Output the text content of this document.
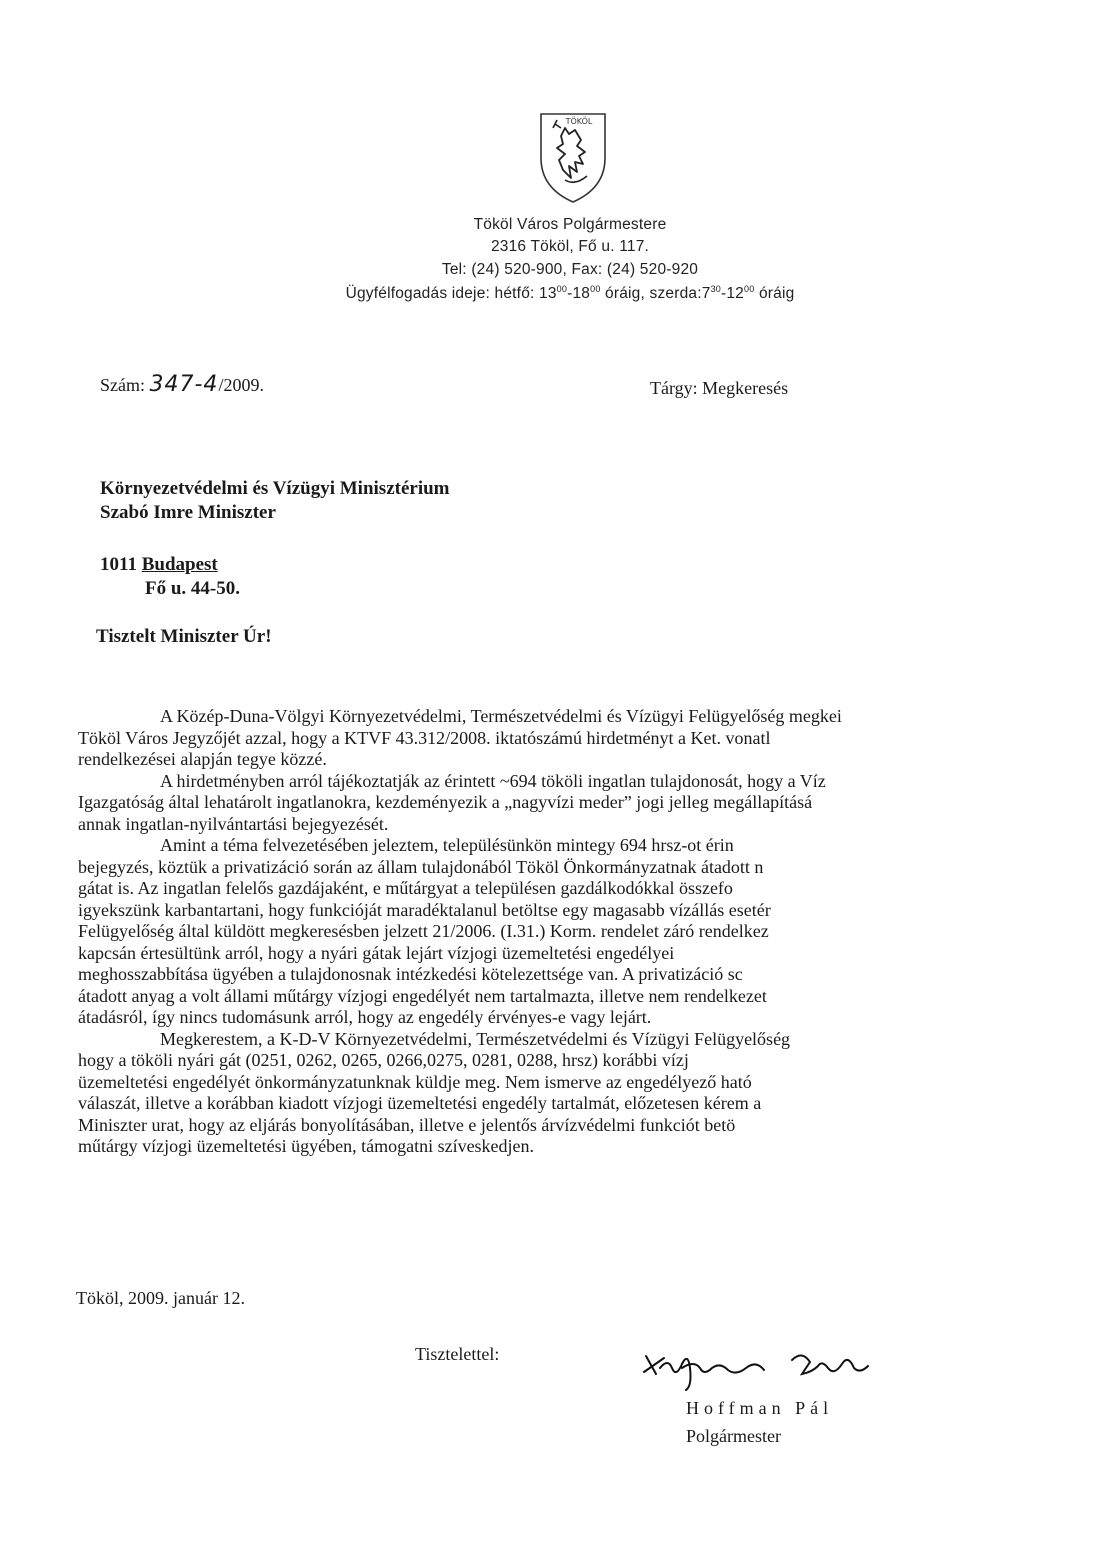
TÖKÖL
Tököl Város Polgármestere
2316 Tököl, Fő u. 117.
Tel: (24) 520-900, Fax: (24) 520-920
Ügyfélfogadás ideje: hétfő: $13^{00}-18^{00}$ óráig, $szerda:7^{30}-12^{00}$ óráig
Szám: 347-4/2009.	Tárgy: Megkeresés
Környezetvédelmi és Vízügyi Minisztérium
Szabó Imre Miniszter
1011 Budapest
Fő u. 44-50.
Tisztelt Miniszter Úr!
A Közép-Duna-Völgyi Környezetvédelmi, Természetvédelmi és Vízügyi Felügyelőség megkei
Tököl Város Jegyzőjét azzal, hogy a KTVF 43.312/2008. iktatószámú hirdetményt a Ket. vonatl
rendelkezései alapján tegye közzé.
A hirdetményben arról tájékoztatják az érintett ~694 tököli ingatlan tulajdonosát, hogy a Víz
Igazgatóság által lehatárolt ingatlanokra, kezdeményezik a „nagyvízi meder” jogi jelleg megállapításá
annak ingatlan-nyilvántartási bejegyezését.
Amint a téma felvezetésében jeleztem, településünkön mintegy 694 hrsz-ot érin
bejegyzés, köztük a privatizáció során az állam tulajdonából Tököl Önkormányzatnak átadott n
gátat is. Az ingatlan felelős gazdájaként, e műtárgyat a településen gazdálkodókkal összefo
igyekszünk karbantartani, hogy funkcióját maradéktalanul betöltse egy magasabb vízállás esetér
Felügyelőség által küldött megkeresésben jelzett 21/2006. (I.31.) Korm. rendelet záró rendelkez
kapcsán értesültünk arról, hogy a nyári gátak lejárt vízjogi üzemeltetési engedélyei
meghosszabbítása ügyében a tulajdonosnak intézkedési kötelezettsége van. A privatizáció sc
átadott anyag a volt állami műtárgy vízjogi engedélyét nem tartalmazta, illetve nem rendelkezet
átadásról, így nincs tudomásunk arról, hogy az engedély érvényes-e vagy lejárt.
Megkerestem, a K-D-V Környezetvédelmi, Természetvédelmi és Vízügyi Felügyelőség
hogy a tököli nyári gát (0251, 0262, 0265, 0266,0275, 0281, 0288, hrsz) korábbi vízj
üzemeltetési engedélyét önkormányzatunknak küldje meg. Nem ismerve az engedélyező ható
válaszát, illetve a korábban kiadott vízjogi üzemeltetési engedély tartalmát, előzetesen kérem a
Miniszter urat, hogy az eljárás bonyolításában, illetve e jelentős árvízvédelmi funkciót betö
műtárgy vízjogi üzemeltetési ügyében, támogatni szíveskedjen.
Tököl, 2009. január 12.
Tisztelettel:
Hoffman Pál
Polgármester
